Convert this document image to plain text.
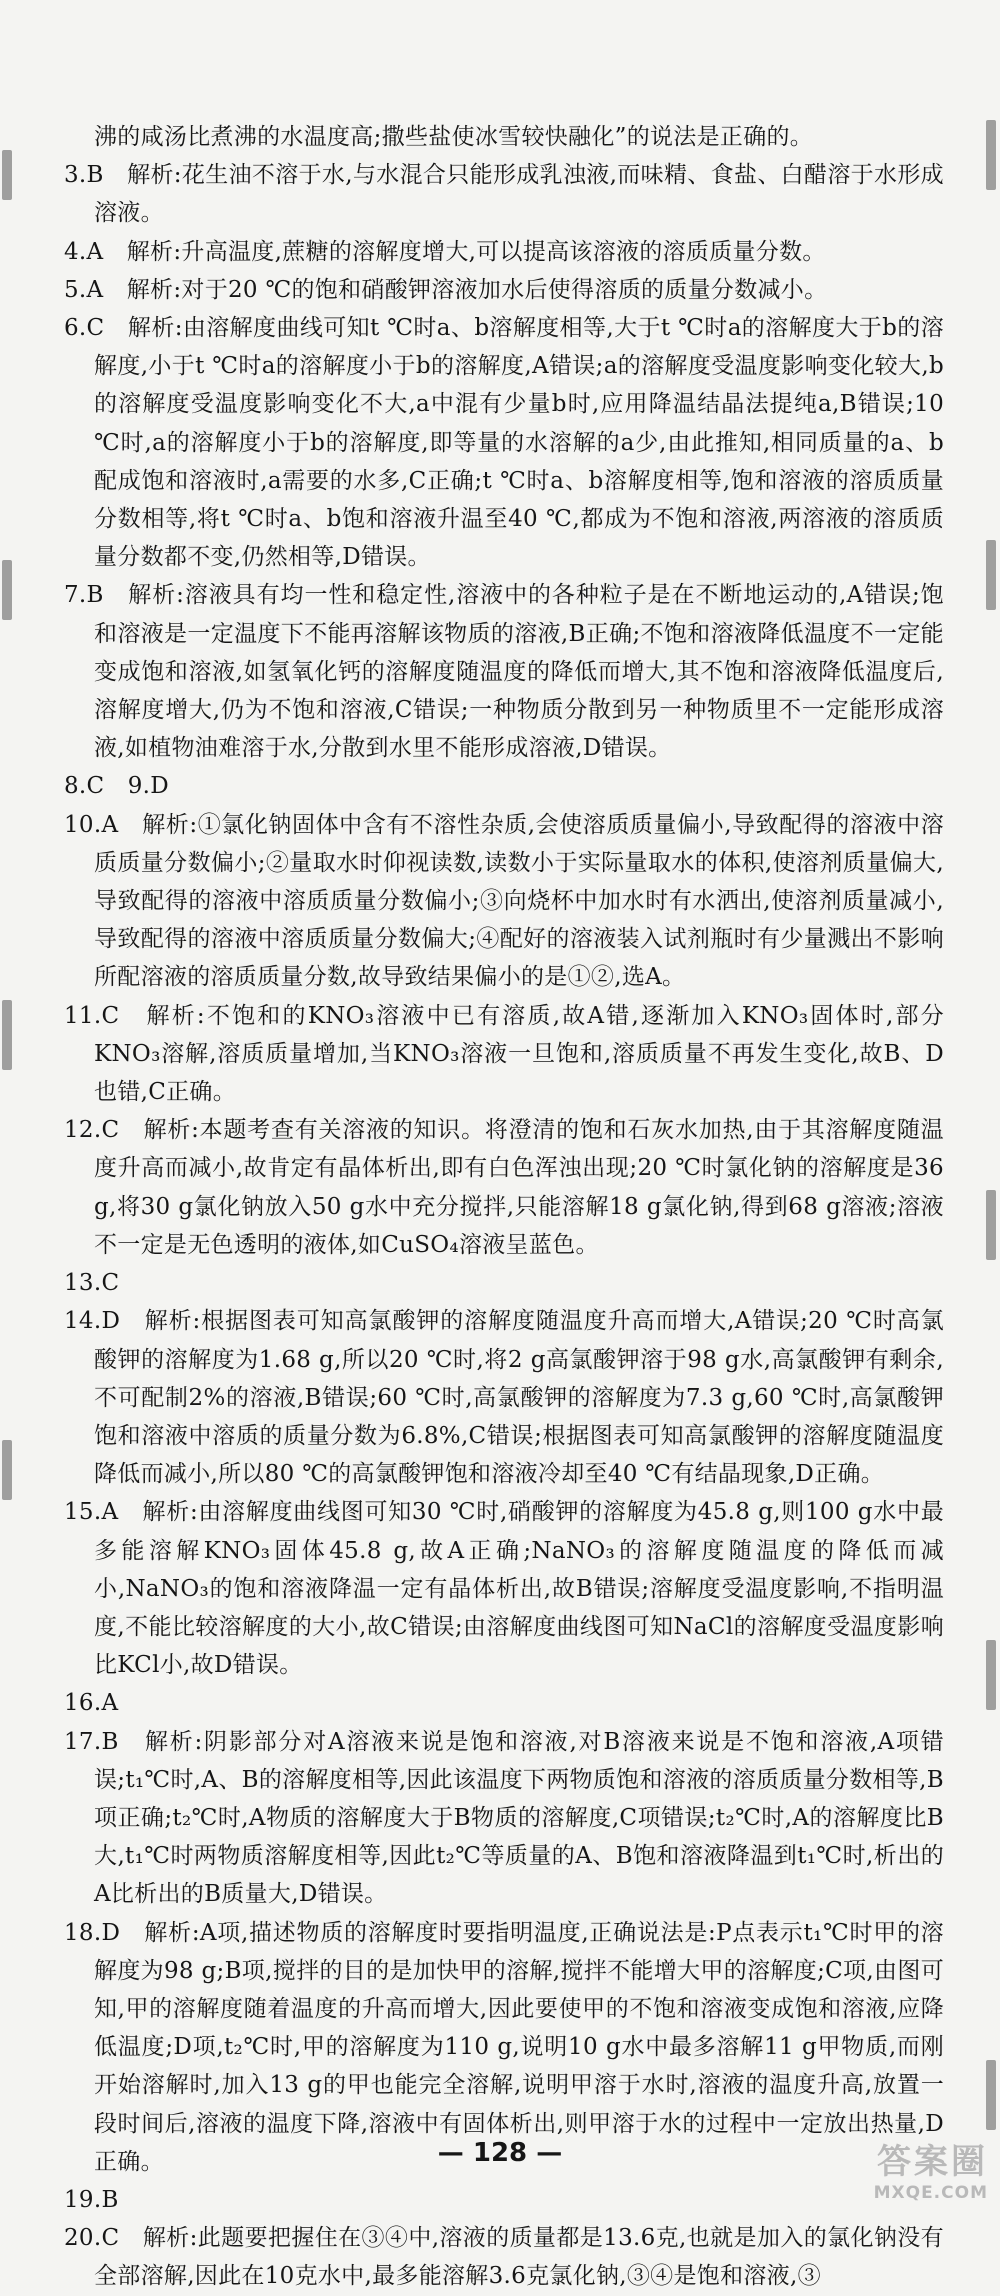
沸的咸汤比煮沸的水温度高;撒些盐使冰雪较快融化”的说法是正确的。

3.B　解析:花生油不溶于水,与水混合只能形成乳浊液,而味精、食盐、白醋溶于水形成溶液。

4.A　解析:升高温度,蔗糖的溶解度增大,可以提高该溶液的溶质质量分数。

5.A　解析:对于20 ℃的饱和硝酸钾溶液加水后使得溶质的质量分数减小。

6.C　解析:由溶解度曲线可知t ℃时a、b溶解度相等,大于t ℃时a的溶解度大于b的溶解度,小于t ℃时a的溶解度小于b的溶解度,A错误;a的溶解度受温度影响变化较大,b的溶解度受温度影响变化不大,a中混有少量b时,应用降温结晶法提纯a,B错误;10 ℃时,a的溶解度小于b的溶解度,即等量的水溶解的a少,由此推知,相同质量的a、b配成饱和溶液时,a需要的水多,C正确;t ℃时a、b溶解度相等,饱和溶液的溶质质量分数相等,将t ℃时a、b饱和溶液升温至40 ℃,都成为不饱和溶液,两溶液的溶质质量分数都不变,仍然相等,D错误。

7.B　解析:溶液具有均一性和稳定性,溶液中的各种粒子是在不断地运动的,A错误;饱和溶液是一定温度下不能再溶解该物质的溶液,B正确;不饱和溶液降低温度不一定能变成饱和溶液,如氢氧化钙的溶解度随温度的降低而增大,其不饱和溶液降低温度后,溶解度增大,仍为不饱和溶液,C错误;一种物质分散到另一种物质里不一定能形成溶液,如植物油难溶于水,分散到水里不能形成溶液,D错误。

8.C　9.D

10.A　解析:①氯化钠固体中含有不溶性杂质,会使溶质质量偏小,导致配得的溶液中溶质质量分数偏小;②量取水时仰视读数,读数小于实际量取水的体积,使溶剂质量偏大,导致配得的溶液中溶质质量分数偏小;③向烧杯中加水时有水洒出,使溶剂质量减小,导致配得的溶液中溶质质量分数偏大;④配好的溶液装入试剂瓶时有少量溅出不影响所配溶液的溶质质量分数,故导致结果偏小的是①②,选A。

11.C　解析:不饱和的KNO₃溶液中已有溶质,故A错,逐渐加入KNO₃固体时,部分KNO₃溶解,溶质质量增加,当KNO₃溶液一旦饱和,溶质质量不再发生变化,故B、D也错,C正确。

12.C　解析:本题考查有关溶液的知识。将澄清的饱和石灰水加热,由于其溶解度随温度升高而减小,故肯定有晶体析出,即有白色浑浊出现;20 ℃时氯化钠的溶解度是36 g,将30 g氯化钠放入50 g水中充分搅拌,只能溶解18 g氯化钠,得到68 g溶液;溶液不一定是无色透明的液体,如CuSO₄溶液呈蓝色。

13.C

14.D　解析:根据图表可知高氯酸钾的溶解度随温度升高而增大,A错误;20 ℃时高氯酸钾的溶解度为1.68 g,所以20 ℃时,将2 g高氯酸钾溶于98 g水,高氯酸钾有剩余,不可配制2%的溶液,B错误;60 ℃时,高氯酸钾的溶解度为7.3 g,60 ℃时,高氯酸钾饱和溶液中溶质的质量分数为6.8%,C错误;根据图表可知高氯酸钾的溶解度随温度降低而减小,所以80 ℃的高氯酸钾饱和溶液冷却至40 ℃有结晶现象,D正确。

15.A　解析:由溶解度曲线图可知30 ℃时,硝酸钾的溶解度为45.8 g,则100 g水中最多能溶解KNO₃固体45.8 g,故A正确;NaNO₃的溶解度随温度的降低而减小,NaNO₃的饱和溶液降温一定有晶体析出,故B错误;溶解度受温度影响,不指明温度,不能比较溶解度的大小,故C错误;由溶解度曲线图可知NaCl的溶解度受温度影响比KCl小,故D错误。

16.A

17.B　解析:阴影部分对A溶液来说是饱和溶液,对B溶液来说是不饱和溶液,A项错误;t₁℃时,A、B的溶解度相等,因此该温度下两物质饱和溶液的溶质质量分数相等,B项正确;t₂℃时,A物质的溶解度大于B物质的溶解度,C项错误;t₂℃时,A的溶解度比B大,t₁℃时两物质溶解度相等,因此t₂℃等质量的A、B饱和溶液降温到t₁℃时,析出的A比析出的B质量大,D错误。

18.D　解析:A项,描述物质的溶解度时要指明温度,正确说法是:P点表示t₁℃时甲的溶解度为98 g;B项,搅拌的目的是加快甲的溶解,搅拌不能增大甲的溶解度;C项,由图可知,甲的溶解度随着温度的升高而增大,因此要使甲的不饱和溶液变成饱和溶液,应降低温度;D项,t₂℃时,甲的溶解度为110 g,说明10 g水中最多溶解11 g甲物质,而刚开始溶解时,加入13 g的甲也能完全溶解,说明甲溶于水时,溶液的温度升高,放置一段时间后,溶液的温度下降,溶液中有固体析出,则甲溶于水的过程中一定放出热量,D正确。

19.B

20.C　解析:此题要把握住在③④中,溶液的质量都是13.6克,也就是加入的氯化钠没有全部溶解,因此在10克水中,最多能溶解3.6克氯化钠,③④是饱和溶液,③

— 128 —	答案圈
MXQE.COM
